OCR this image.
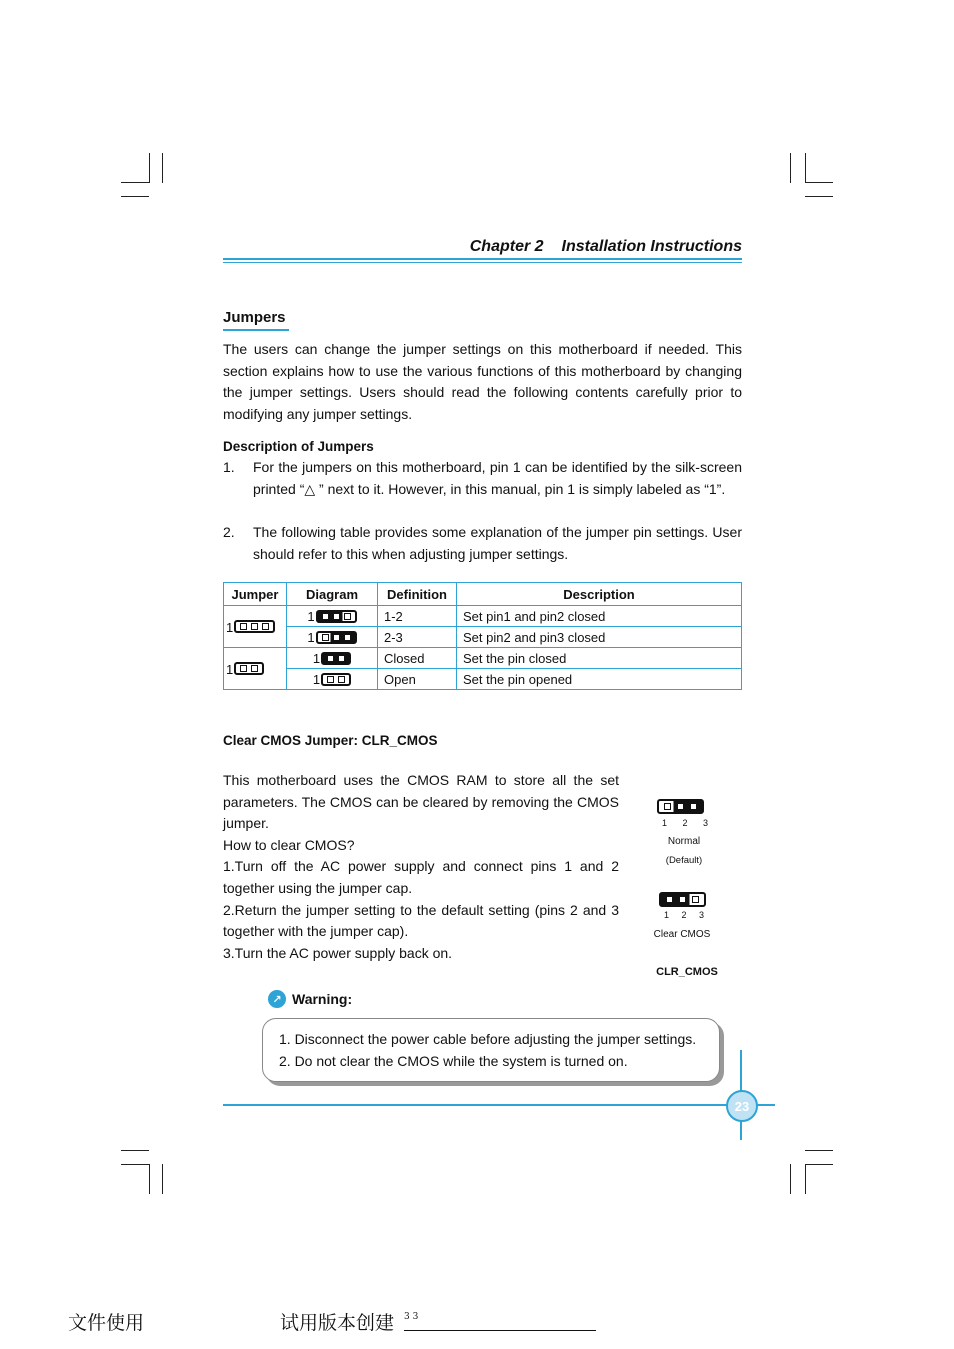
Chapter 2 Installation Instructions
Jumpers
The users can change the jumper settings on this motherboard if needed. This section explains how to use the various functions of this motherboard by changing the jumper settings. Users should read the following contents carefully prior to modifying any jumper settings.
Description of Jumpers
1. For the jumpers on this motherboard, pin 1 can be identified by the silk-screen printed “△ ” next to it. However, in this manual, pin 1 is simply labeled as “1”.
2. The following table provides some explanation of the jumper pin settings. User should refer to this when adjusting jumper settings.
Jumper	Diagram	Definition	Description
1	1	1-2	Set pin1 and pin2 closed
	1	2-3	Set pin2 and pin3 closed
1	1	Closed	Set the pin closed
	1	Open	Set the pin opened
Clear CMOS Jumper: CLR_CMOS

This motherboard uses the CMOS RAM to store all the set parameters. The CMOS can be cleared by removing the CMOS jumper.

How to clear CMOS?

1.Turn off the AC power supply and connect pins 1 and 2 together using the jumper cap.

2.Return the jumper setting to the default setting (pins 2 and 3 together with the jumper cap).

3.Turn the AC power supply back on.

1 2 3
Normal
(Default)
1 2 3
Clear CMOS
CLR_CMOS
↗ Warning:
1. Disconnect the power cable before adjusting the jumper settings.
2. Do not clear the CMOS while the system is turned on.
23
文件使用	试用版本创建 3 3
